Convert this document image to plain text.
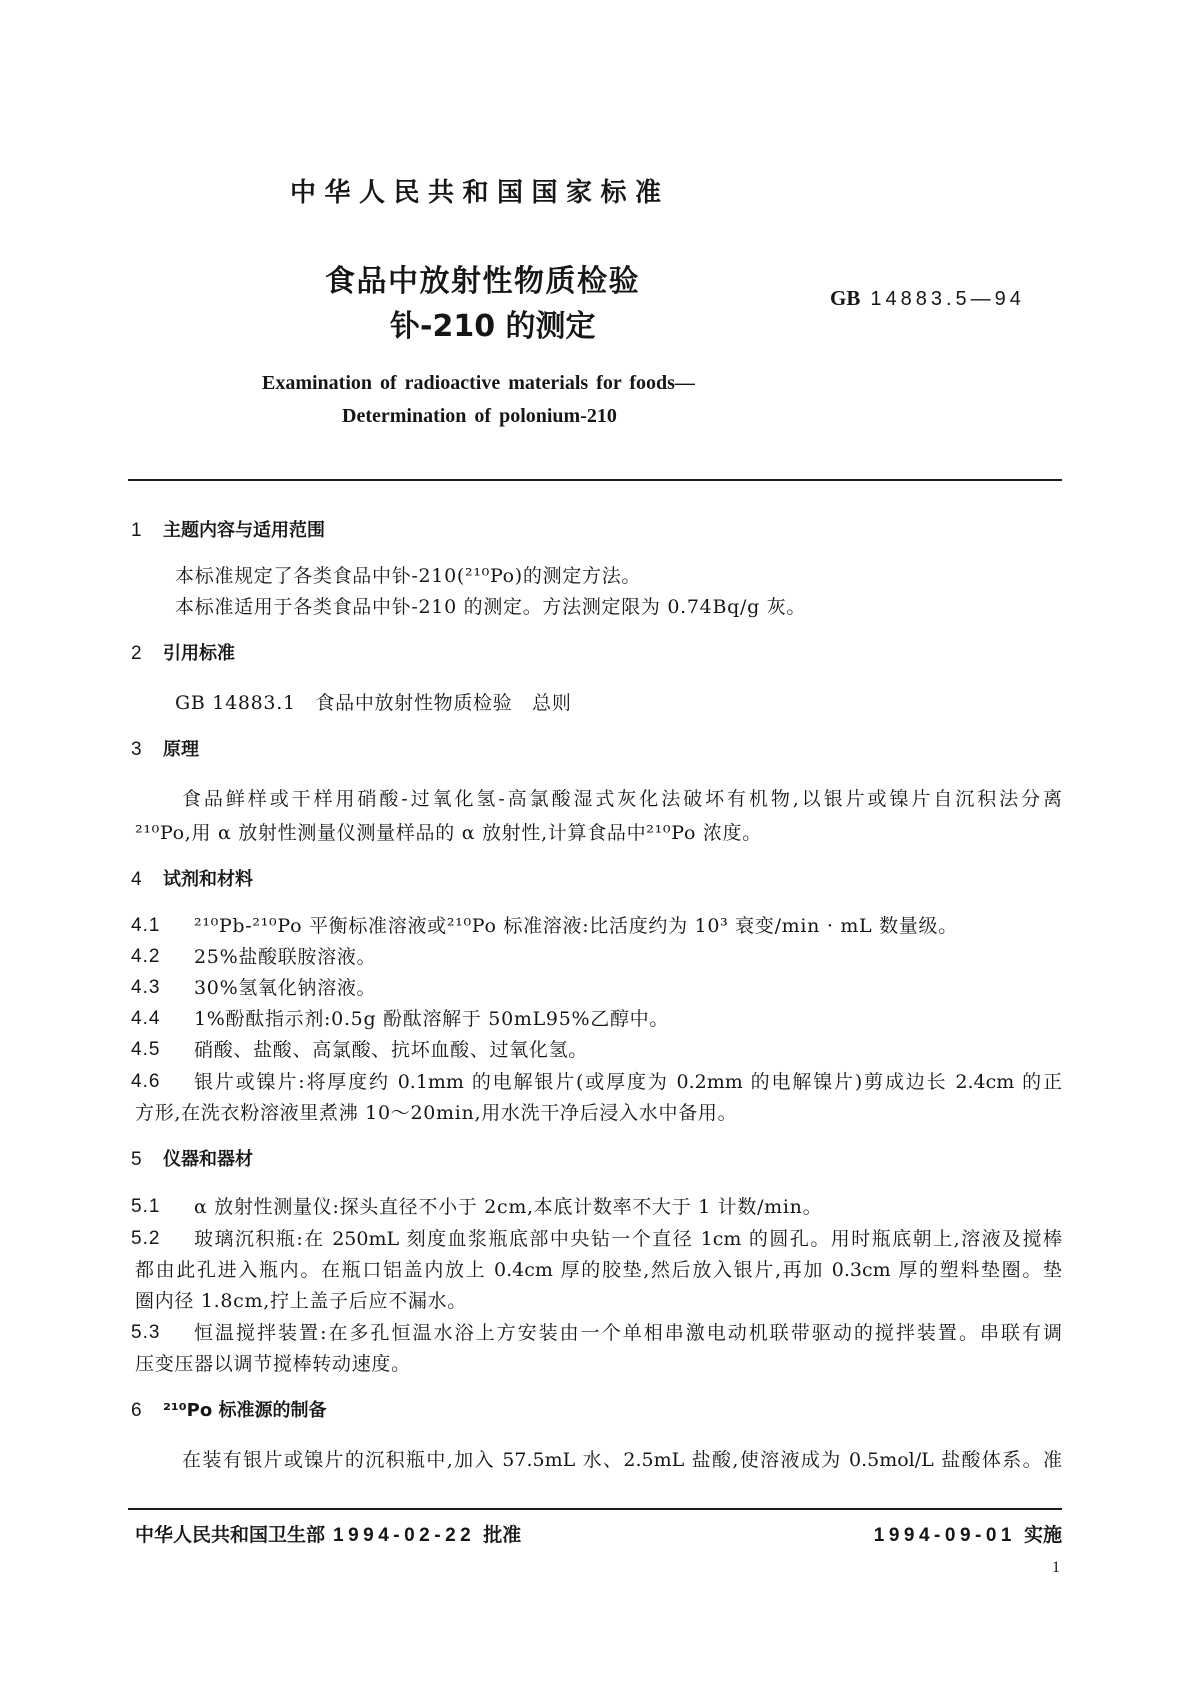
中华人民共和国国家标准
食品中放射性物质检验
钋-210 的测定
GB 14883.5—94
Examination of radioactive materials for foods—
Determination of polonium-210
1 主题内容与适用范围
本标准规定了各类食品中钋-210(²¹⁰Po)的测定方法。
本标准适用于各类食品中钋-210 的测定。方法测定限为 0.74Bq/g 灰。
2 引用标准
GB 14883.1　食品中放射性物质检验　总则
3 原理
食品鲜样或干样用硝酸-过氧化氢-高氯酸湿式灰化法破坏有机物,以银片或镍片自沉积法分离
²¹⁰Po,用 α 放射性测量仪测量样品的 α 放射性,计算食品中²¹⁰Po 浓度。
4 试剂和材料
4.1 ²¹⁰Pb-²¹⁰Po 平衡标准溶液或²¹⁰Po 标准溶液:比活度约为 10³ 衰变/min · mL 数量级。
4.2 25%盐酸联胺溶液。
4.3 30%氢氧化钠溶液。
4.4 1%酚酞指示剂:0.5g 酚酞溶解于 50mL95%乙醇中。
4.5 硝酸、盐酸、高氯酸、抗坏血酸、过氧化氢。
4.6 银片或镍片:将厚度约 0.1mm 的电解银片(或厚度为 0.2mm 的电解镍片)剪成边长 2.4cm 的正
方形,在洗衣粉溶液里煮沸 10～20min,用水洗干净后浸入水中备用。
5 仪器和器材
5.1 α 放射性测量仪:探头直径不小于 2cm,本底计数率不大于 1 计数/min。
5.2 玻璃沉积瓶:在 250mL 刻度血浆瓶底部中央钻一个直径 1cm 的圆孔。用时瓶底朝上,溶液及搅棒
都由此孔进入瓶内。在瓶口铝盖内放上 0.4cm 厚的胶垫,然后放入银片,再加 0.3cm 厚的塑料垫圈。垫
圈内径 1.8cm,拧上盖子后应不漏水。
5.3 恒温搅拌装置:在多孔恒温水浴上方安装由一个单相串激电动机联带驱动的搅拌装置。串联有调
压变压器以调节搅棒转动速度。
6 ²¹⁰Po 标准源的制备
在装有银片或镍片的沉积瓶中,加入 57.5mL 水、2.5mL 盐酸,使溶液成为 0.5mol/L 盐酸体系。准
中华人民共和国卫生部 1994-02-22 批准	1994-09-01 实施
1
